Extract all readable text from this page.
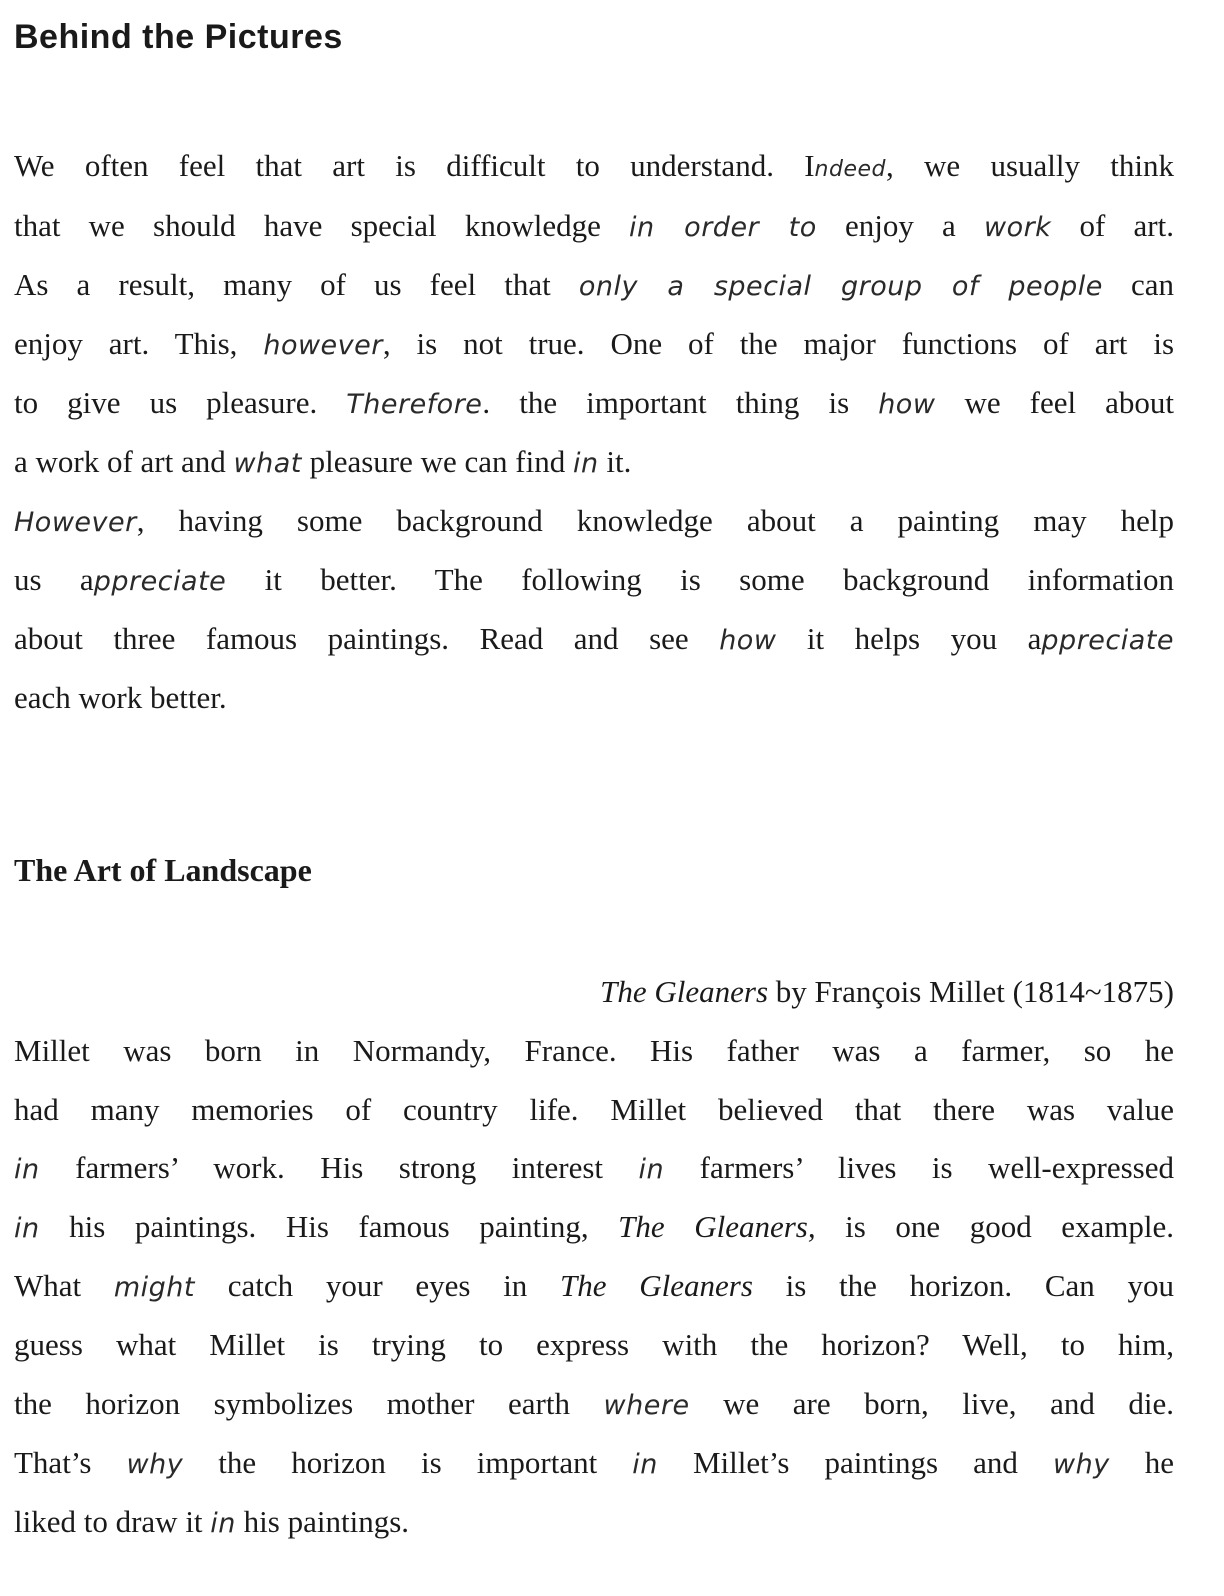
Behind the Pictures
We often feel that art is difficult to understand. Indeed, we usually think
that we should have special knowledge in order to enjoy a work of art.
As a result, many of us feel that only a special group of people can
enjoy art. This, however, is not true. One of the major functions of art is
to give us pleasure. Therefore. the important thing is how we feel about
a work of art and what pleasure we can find in it.
However, having some background knowledge about a painting may help
us appreciate it better. The following is some background information
about three famous paintings. Read and see how it helps you appreciate
each work better.
The Art of Landscape
The Gleaners by François Millet (1814~1875)
Millet was born in Normandy, France. His father was a farmer, so he
had many memories of country life. Millet believed that there was value
in farmers’ work. His strong interest in farmers’ lives is well-expressed
in his paintings. His famous painting, The Gleaners, is one good example.
What might catch your eyes in The Gleaners is the horizon. Can you
guess what Millet is trying to express with the horizon? Well, to him,
the horizon symbolizes mother earth where we are born, live, and die.
That’s why the horizon is important in Millet’s paintings and why he
liked to draw it in his paintings.
